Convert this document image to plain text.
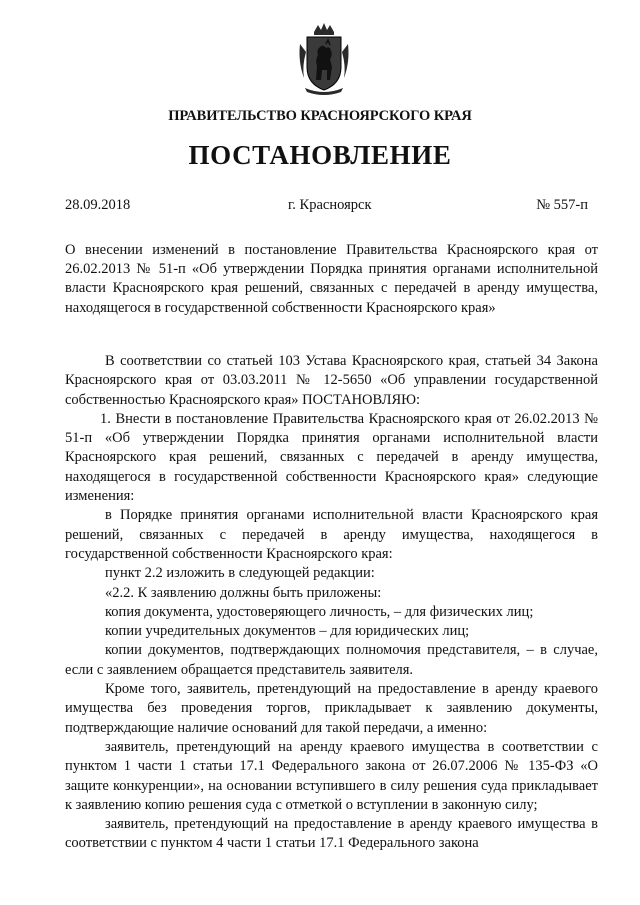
ПРАВИТЕЛЬСТВО КРАСНОЯРСКОГО КРАЯ
ПОСТАНОВЛЕНИЕ
28.09.2018	г. Красноярск	№ 557-п
О внесении изменений в постановление Правительства Красноярского края от 26.02.2013 № 51-п «Об утверждении Порядка принятия органами исполнительной власти Красноярского края решений, связанных с передачей в аренду имущества, находящегося в государственной собственности Красноярского края»

В соответствии со статьей 103 Устава Красноярского края, статьей 34 Закона Красноярского края от 03.03.2011 № 12-5650 «Об управлении государственной собственностью Красноярского края» ПОСТАНОВЛЯЮ:

1. Внести в постановление Правительства Красноярского края от 26.02.2013 № 51-п «Об утверждении Порядка принятия органами исполнительной власти Красноярского края решений, связанных с передачей в аренду имущества, находящегося в государственной собственности Красноярского края» следующие изменения:

в Порядке принятия органами исполнительной власти Красноярского края решений, связанных с передачей в аренду имущества, находящегося в государственной собственности Красноярского края:

пункт 2.2 изложить в следующей редакции:

«2.2. К заявлению должны быть приложены:

копия документа, удостоверяющего личность, – для физических лиц;

копии учредительных документов – для юридических лиц;

копии документов, подтверждающих полномочия представителя, – в случае, если с заявлением обращается представитель заявителя.

Кроме того, заявитель, претендующий на предоставление в аренду краевого имущества без проведения торгов, прикладывает к заявлению документы, подтверждающие наличие оснований для такой передачи, а именно:

заявитель, претендующий на аренду краевого имущества в соответствии с пунктом 1 части 1 статьи 17.1 Федерального закона от 26.07.2006 № 135-ФЗ «О защите конкуренции», на основании вступившего в силу решения суда прикладывает к заявлению копию решения суда с отметкой о вступлении в законную силу;

заявитель, претендующий на предоставление в аренду краевого имущества в соответствии с пунктом 4 части 1 статьи 17.1 Федерального закона
